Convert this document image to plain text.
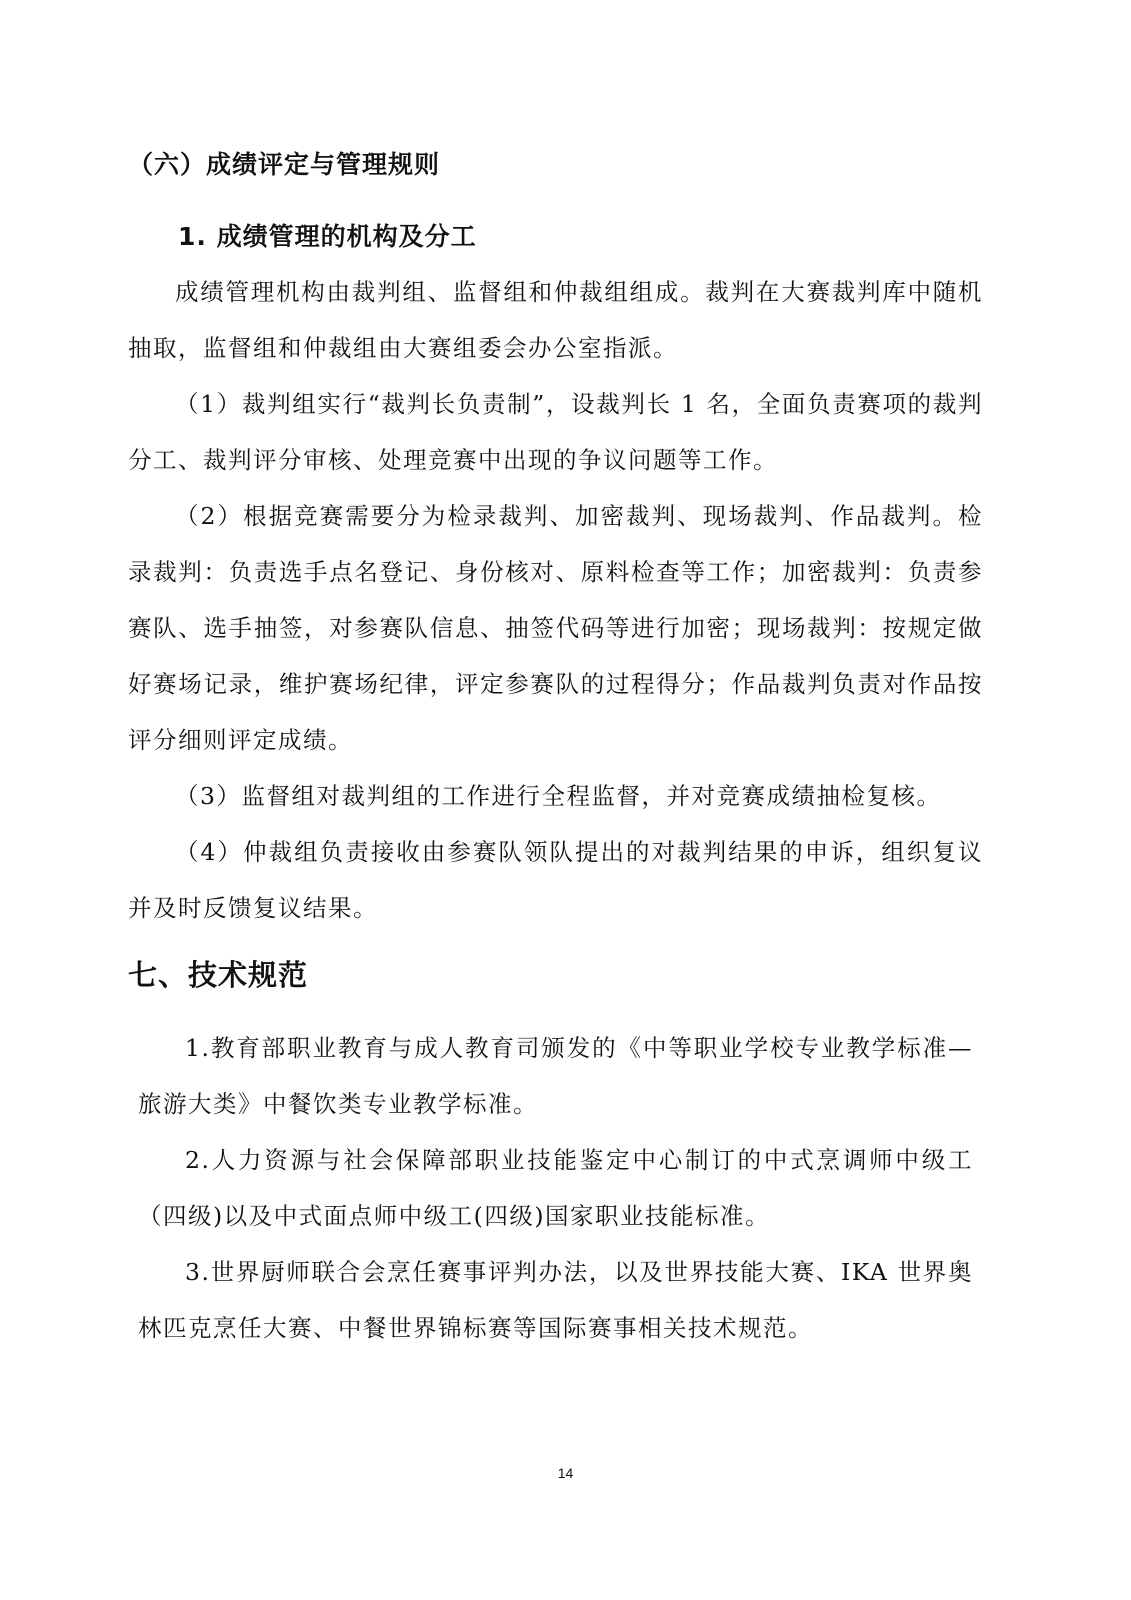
（六）成绩评定与管理规则
1. 成绩管理的机构及分工

成绩管理机构由裁判组、监督组和仲裁组组成。裁判在大赛裁判库中随机抽取，监督组和仲裁组由大赛组委会办公室指派。

（1）裁判组实行“裁判长负责制”，设裁判长 1 名，全面负责赛项的裁判分工、裁判评分审核、处理竞赛中出现的争议问题等工作。

（2）根据竞赛需要分为检录裁判、加密裁判、现场裁判、作品裁判。检录裁判：负责选手点名登记、身份核对、原料检查等工作；加密裁判：负责参赛队、选手抽签，对参赛队信息、抽签代码等进行加密；现场裁判：按规定做好赛场记录，维护赛场纪律，评定参赛队的过程得分；作品裁判负责对作品按评分细则评定成绩。

（3）监督组对裁判组的工作进行全程监督，并对竞赛成绩抽检复核。

（4）仲裁组负责接收由参赛队领队提出的对裁判结果的申诉，组织复议并及时反馈复议结果。

七、技术规范

1.教育部职业教育与成人教育司颁发的《中等职业学校专业教学标准—旅游大类》中餐饮类专业教学标准。

2.人力资源与社会保障部职业技能鉴定中心制订的中式烹调师中级工（四级)以及中式面点师中级工(四级)国家职业技能标准。

3.世界厨师联合会烹任赛事评判办法，以及世界技能大赛、IKA 世界奥林匹克烹任大赛、中餐世界锦标赛等国际赛事相关技术规范。

14
